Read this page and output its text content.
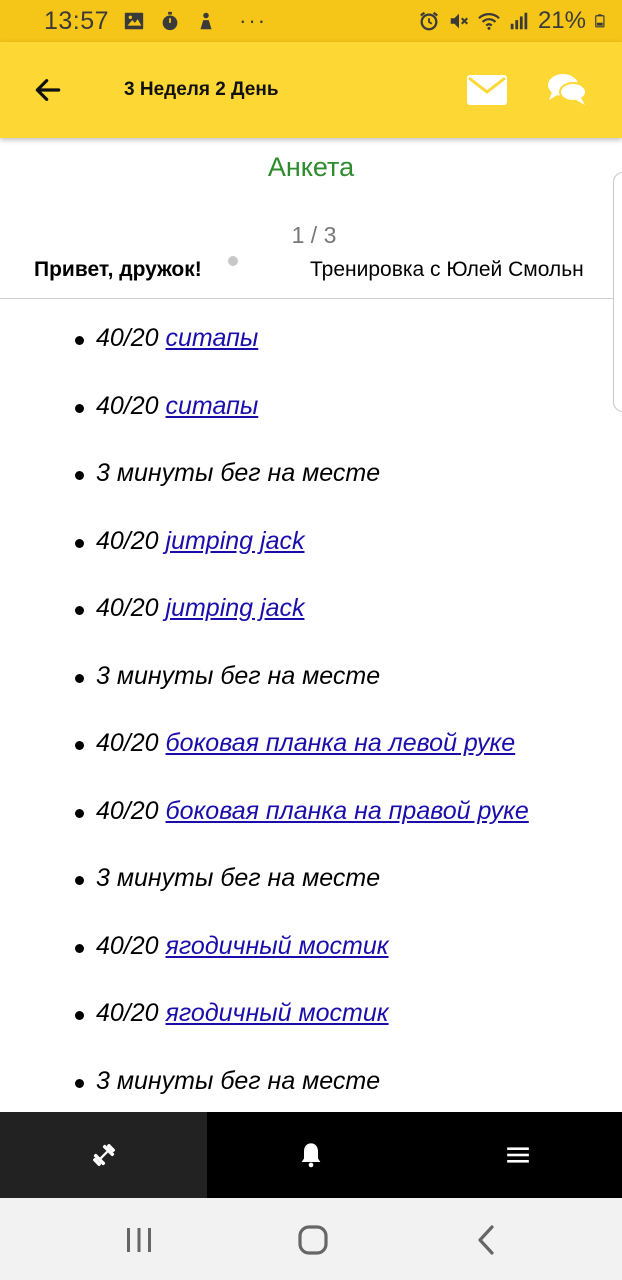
13:57	···	21%
3 Неделя 2 День
Анкета
1 / 3
Привет, дружок!	Тренировка с Юлей Смольн
40/20 ситапы
40/20 ситапы
3 минуты бег на месте
40/20 jumping jack
40/20 jumping jack
3 минуты бег на месте
40/20 боковая планка на левой руке
40/20 боковая планка на правой руке
3 минуты бег на месте
40/20 ягодичный мостик
40/20 ягодичный мостик
3 минуты бег на месте
